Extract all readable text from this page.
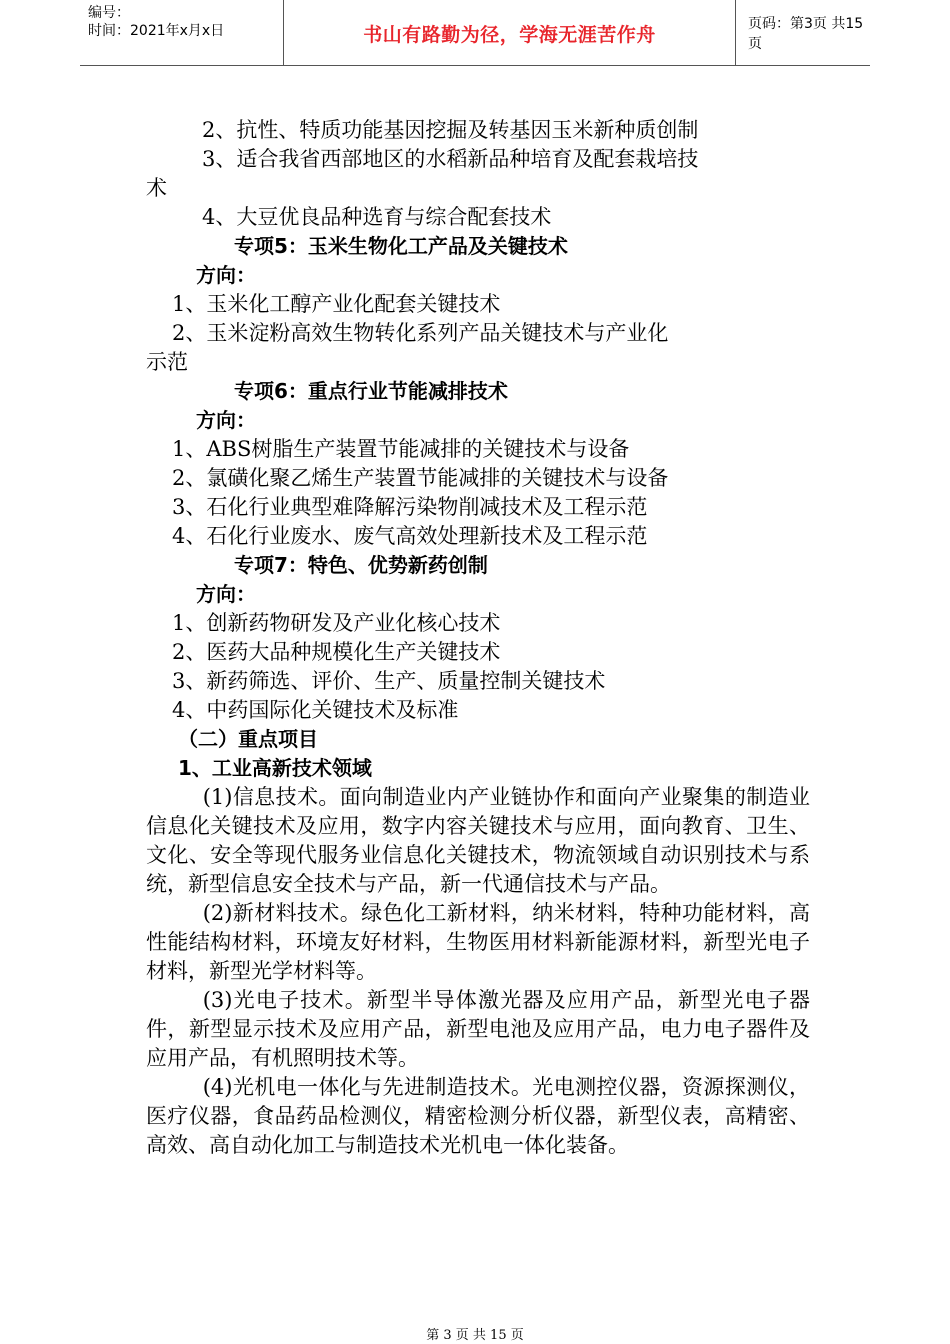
编号：
时间：2021年x月x日	书山有路勤为径，学海无涯苦作舟	页码：第3页 共15页
2、抗性、特质功能基因挖掘及转基因玉米新种质创制
3、适合我省西部地区的水稻新品种培育及配套栽培技
术
4、大豆优良品种选育与综合配套技术
专项5：玉米生物化工产品及关键技术
方向：
1、玉米化工醇产业化配套关键技术
2、玉米淀粉高效生物转化系列产品关键技术与产业化
示范
专项6：重点行业节能减排技术
方向：
1、ABS树脂生产装置节能减排的关键技术与设备
2、氯磺化聚乙烯生产装置节能减排的关键技术与设备
3、石化行业典型难降解污染物削减技术及工程示范
4、石化行业废水、废气高效处理新技术及工程示范
专项7：特色、优势新药创制
方向：
1、创新药物研发及产业化核心技术
2、医药大品种规模化生产关键技术
3、新药筛选、评价、生产、质量控制关键技术
4、中药国际化关键技术及标准
（二）重点项目
1、工业高新技术领域
(1)信息技术。面向制造业内产业链协作和面向产业聚集的制造业信息化关键技术及应用，数字内容关键技术与应用，面向教育、卫生、文化、安全等现代服务业信息化关键技术，物流领域自动识别技术与系统，新型信息安全技术与产品，新一代通信技术与产品。
(2)新材料技术。绿色化工新材料，纳米材料，特种功能材料，高性能结构材料，环境友好材料，生物医用材料新能源材料，新型光电子材料，新型光学材料等。
(3)光电子技术。新型半导体激光器及应用产品，新型光电子器件，新型显示技术及应用产品，新型电池及应用产品，电力电子器件及应用产品，有机照明技术等。
(4)光机电一体化与先进制造技术。光电测控仪器，资源探测仪，医疗仪器，食品药品检测仪，精密检测分析仪器，新型仪表，高精密、高效、高自动化加工与制造技术光机电一体化装备。
第 3 页 共 15 页
